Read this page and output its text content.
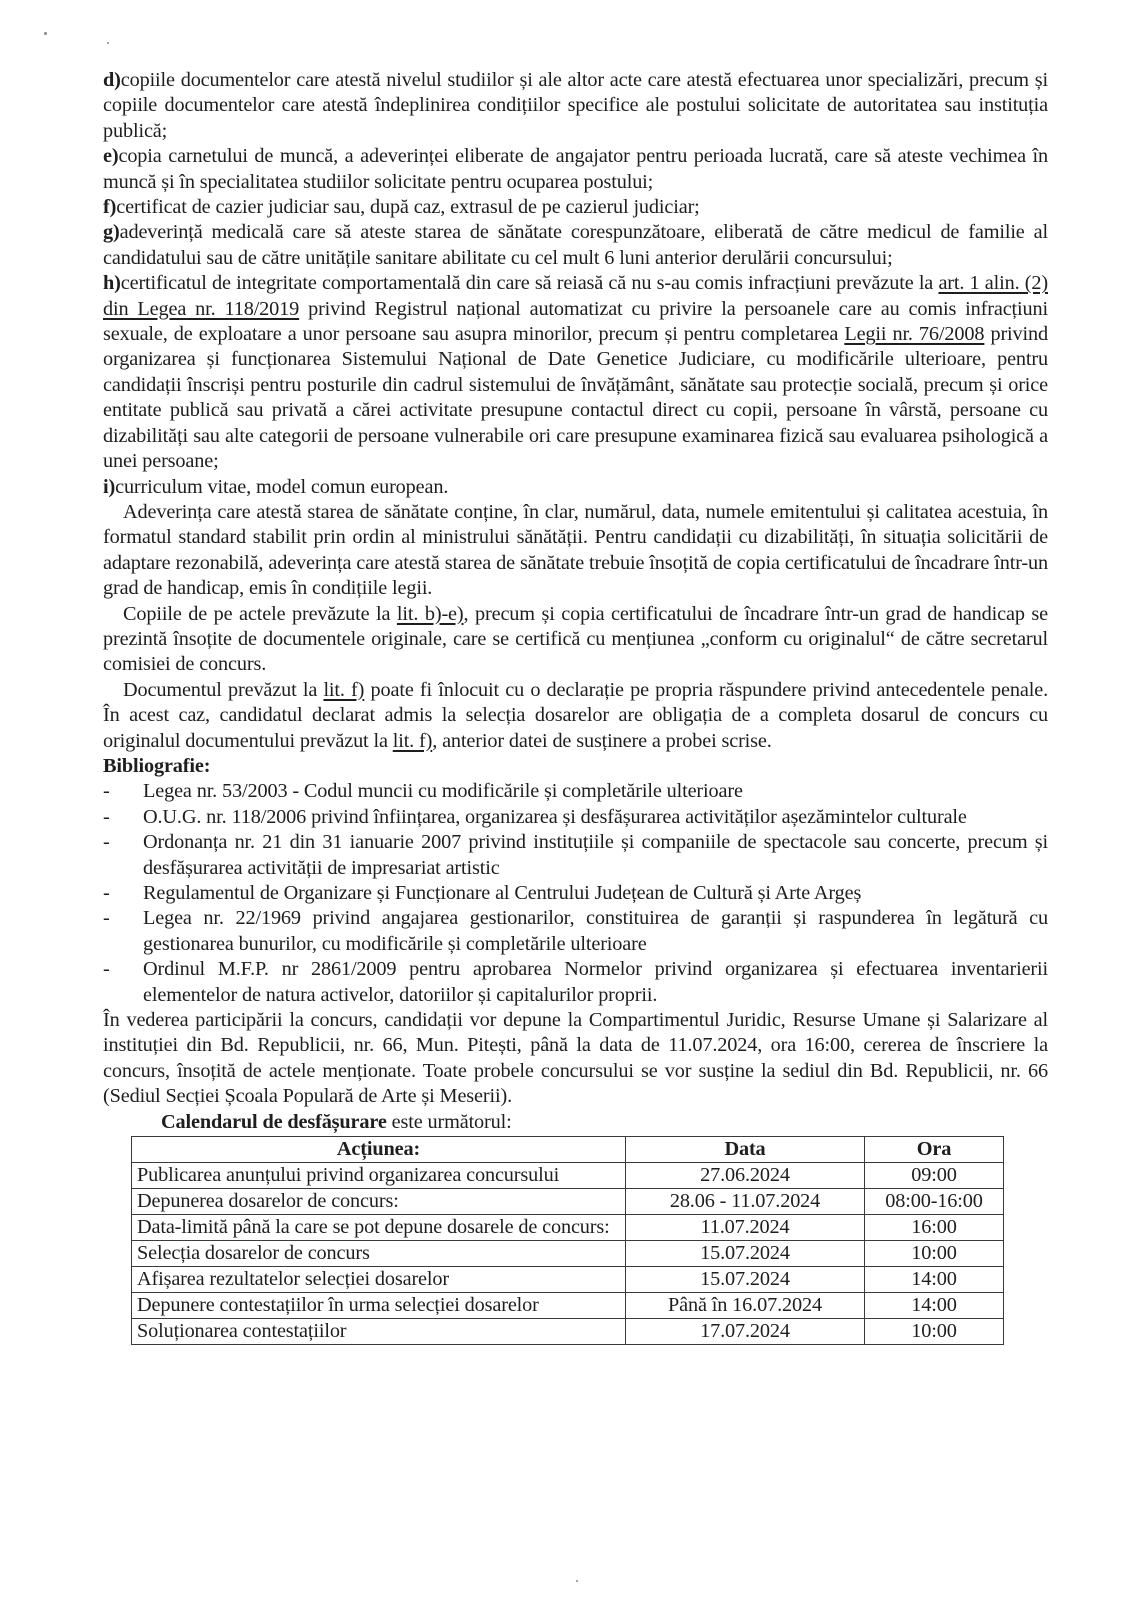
d)copiile documentelor care atestă nivelul studiilor și ale altor acte care atestă efectuarea unor specializări, precum și copiile documentelor care atestă îndeplinirea condițiilor specifice ale postului solicitate de autoritatea sau instituția publică;

e)copia carnetului de muncă, a adeverinței eliberate de angajator pentru perioada lucrată, care să ateste vechimea în muncă și în specialitatea studiilor solicitate pentru ocuparea postului;

f)certificat de cazier judiciar sau, după caz, extrasul de pe cazierul judiciar;

g)adeverință medicală care să ateste starea de sănătate corespunzătoare, eliberată de către medicul de familie al candidatului sau de către unitățile sanitare abilitate cu cel mult 6 luni anterior derulării concursului;

h)certificatul de integritate comportamentală din care să reiasă că nu s-au comis infracțiuni prevăzute la art. 1 alin. (2) din Legea nr. 118/2019 privind Registrul național automatizat cu privire la persoanele care au comis infracțiuni sexuale, de exploatare a unor persoane sau asupra minorilor, precum și pentru completarea Legii nr. 76/2008 privind organizarea și funcționarea Sistemului Național de Date Genetice Judiciare, cu modificările ulterioare, pentru candidații înscriși pentru posturile din cadrul sistemului de învățământ, sănătate sau protecție socială, precum și orice entitate publică sau privată a cărei activitate presupune contactul direct cu copii, persoane în vârstă, persoane cu dizabilități sau alte categorii de persoane vulnerabile ori care presupune examinarea fizică sau evaluarea psihologică a unei persoane;

i)curriculum vitae, model comun european.

Adeverința care atestă starea de sănătate conține, în clar, numărul, data, numele emitentului și calitatea acestuia, în formatul standard stabilit prin ordin al ministrului sănătății. Pentru candidații cu dizabilități, în situația solicitării de adaptare rezonabilă, adeverința care atestă starea de sănătate trebuie însoțită de copia certificatului de încadrare într-un grad de handicap, emis în condițiile legii.

Copiile de pe actele prevăzute la lit. b)-e), precum și copia certificatului de încadrare într-un grad de handicap se prezintă însoțite de documentele originale, care se certifică cu mențiunea „conform cu originalul“ de către secretarul comisiei de concurs.

Documentul prevăzut la lit. f) poate fi înlocuit cu o declarație pe propria răspundere privind antecedentele penale. În acest caz, candidatul declarat admis la selecția dosarelor are obligația de a completa dosarul de concurs cu originalul documentului prevăzut la lit. f), anterior datei de susținere a probei scrise.

Bibliografie:

- Legea nr. 53/2003 - Codul muncii cu modificările și completările ulterioare
- O.U.G. nr. 118/2006 privind înființarea, organizarea și desfășurarea activităților așezămintelor culturale
- Ordonanța nr. 21 din 31 ianuarie 2007 privind instituțiile și companiile de spectacole sau concerte, precum și desfășurarea activității de impresariat artistic
- Regulamentul de Organizare și Funcționare al Centrului Județean de Cultură și Arte Argeș
- Legea nr. 22/1969 privind angajarea gestionarilor, constituirea de garanții și raspunderea în legătură cu gestionarea bunurilor, cu modificările și completările ulterioare
- Ordinul M.F.P. nr 2861/2009 pentru aprobarea Normelor privind organizarea și efectuarea inventarierii elementelor de natura activelor, datoriilor și capitalurilor proprii.

În vederea participării la concurs, candidații vor depune la Compartimentul Juridic, Resurse Umane și Salarizare al instituției din Bd. Republicii, nr. 66, Mun. Pitești, până la data de 11.07.2024, ora 16:00, cererea de înscriere la concurs, însoțită de actele menționate. Toate probele concursului se vor susține la sediul din Bd. Republicii, nr. 66 (Sediul Secției Școala Populară de Arte și Meserii).

Calendarul de desfășurare este următorul:

Acțiunea:	Data	Ora
Publicarea anunțului privind organizarea concursului	27.06.2024	09:00
Depunerea dosarelor de concurs:	28.06 - 11.07.2024	08:00-16:00
Data-limită până la care se pot depune dosarele de concurs:	11.07.2024	16:00
Selecția dosarelor de concurs	15.07.2024	10:00
Afișarea rezultatelor selecției dosarelor	15.07.2024	14:00
Depunere contestațiilor în urma selecției dosarelor	Până în 16.07.2024	14:00
Soluționarea contestațiilor	17.07.2024	10:00
